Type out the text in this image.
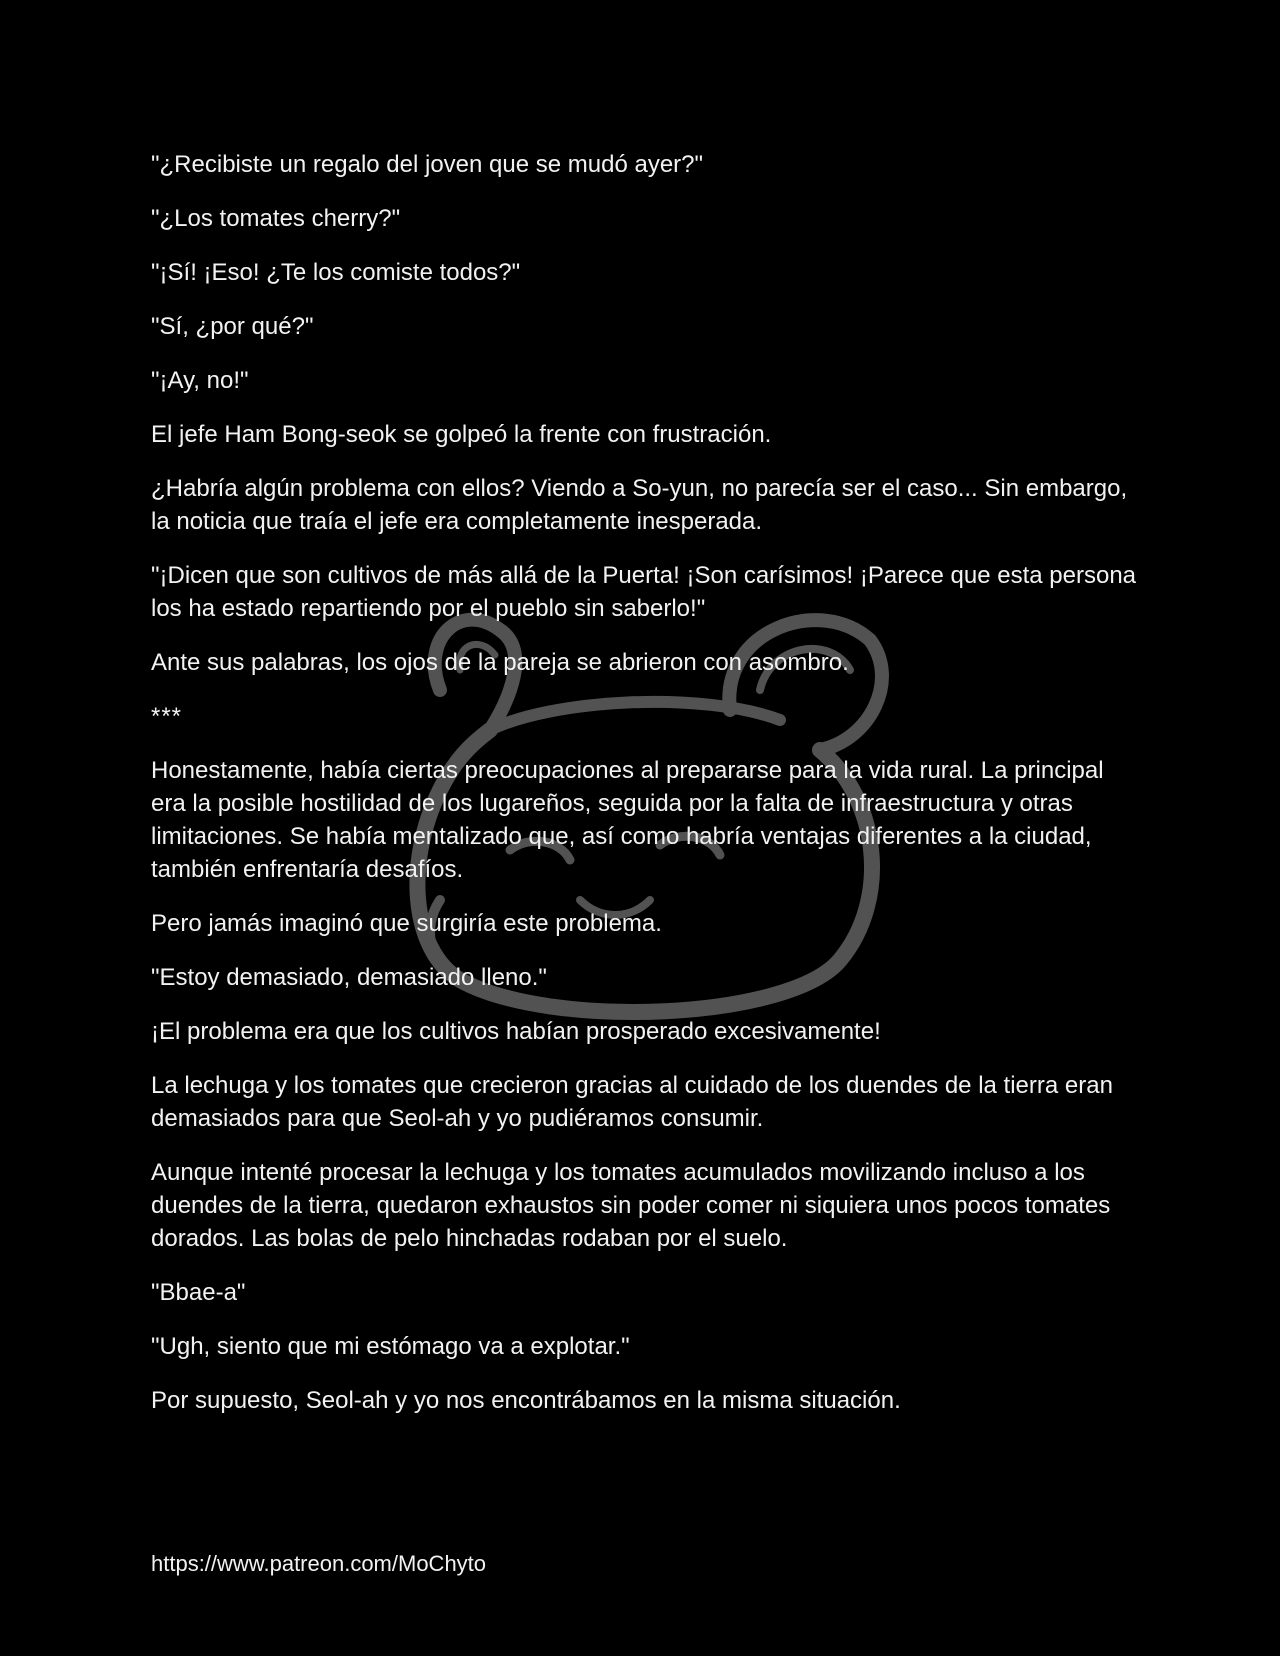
"¿Recibiste un regalo del joven que se mudó ayer?"

"¿Los tomates cherry?"

"¡Sí! ¡Eso! ¿Te los comiste todos?"

"Sí, ¿por qué?"

"¡Ay, no!"

El jefe Ham Bong-seok se golpeó la frente con frustración.

¿Habría algún problema con ellos? Viendo a So-yun, no parecía ser el caso... Sin embargo, la noticia que traía el jefe era completamente inesperada.

"¡Dicen que son cultivos de más allá de la Puerta! ¡Son carísimos! ¡Parece que esta persona los ha estado repartiendo por el pueblo sin saberlo!"

Ante sus palabras, los ojos de la pareja se abrieron con asombro.

***

Honestamente, había ciertas preocupaciones al prepararse para la vida rural. La principal era la posible hostilidad de los lugareños, seguida por la falta de infraestructura y otras limitaciones. Se había mentalizado que, así como habría ventajas diferentes a la ciudad, también enfrentaría desafíos.

Pero jamás imaginó que surgiría este problema.

"Estoy demasiado, demasiado lleno."

¡El problema era que los cultivos habían prosperado excesivamente!

La lechuga y los tomates que crecieron gracias al cuidado de los duendes de la tierra eran demasiados para que Seol-ah y yo pudiéramos consumir.

Aunque intenté procesar la lechuga y los tomates acumulados movilizando incluso a los duendes de la tierra, quedaron exhaustos sin poder comer ni siquiera unos pocos tomates dorados. Las bolas de pelo hinchadas rodaban por el suelo.

"Bbae-a"

"Ugh, siento que mi estómago va a explotar."

Por supuesto, Seol-ah y yo nos encontrábamos en la misma situación.

https://www.patreon.com/MoChyto
